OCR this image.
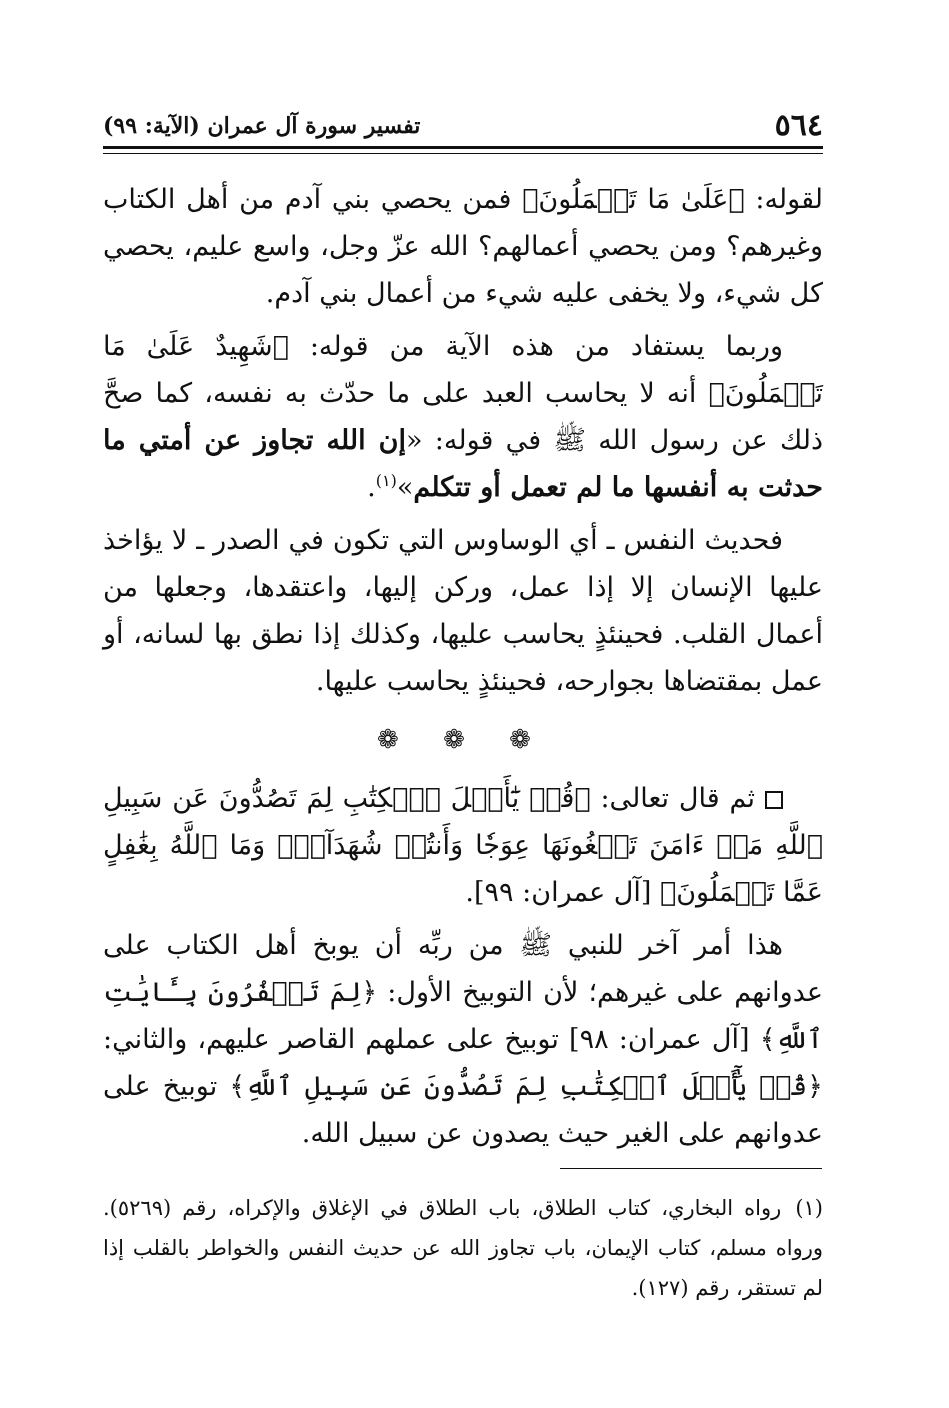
٥٦٤
تفسير سورة آل عمران (الآية: ٩٩)

لقوله: ﴿عَلَىٰ مَا تَعۡمَلُونَ﴾ فمن يحصي بني آدم من أهل الكتاب وغيرهم؟ ومن يحصي أعمالهم؟ الله عزّ وجل، واسع عليم، يحصي كل شيء، ولا يخفى عليه شيء من أعمال بني آدم.

وربما يستفاد من هذه الآية من قوله: ﴿شَهِيدٌ عَلَىٰ مَا تَعۡمَلُونَ﴾ أنه لا يحاسب العبد على ما حدّث به نفسه، كما صحَّ ذلك عن رسول الله ﷺ في قوله: «إن الله تجاوز عن أمتي ما حدثت به أنفسها ما لم تعمل أو تتكلم»$^{(١)}$.

فحديث النفس ـ أي الوساوس التي تكون في الصدر ـ لا يؤاخذ عليها الإنسان إلا إذا عمل، وركن إليها، واعتقدها، وجعلها من أعمال القلب. فحينئذٍ يحاسب عليها، وكذلك إذا نطق بها لسانه، أو عمل بمقتضاها بجوارحه، فحينئذٍ يحاسب عليها.

❁ ❁ ❁

ثم قال تعالى: ﴿قُلۡ يَٰٓأَهۡلَ ٱلۡكِتَٰبِ لِمَ تَصُدُّونَ عَن سَبِيلِ ٱللَّهِ مَنۡ ءَامَنَ تَبۡغُونَهَا عِوَجٗا وَأَنتُمۡ شُهَدَآءُۗ وَمَا ٱللَّهُ بِغَٰفِلٍ عَمَّا تَعۡمَلُونَ﴾ [آل عمران: ٩٩].

هذا أمر آخر للنبي ﷺ من ربِّه أن يوبخ أهل الكتاب على عدوانهم على غيرهم؛ لأن التوبيخ الأول: ﴿لِمَ تَكۡفُرُونَ بِـَٔايَٰتِ ٱللَّهِ﴾ [آل عمران: ٩٨] توبيخ على عملهم القاصر عليهم، والثاني: ﴿قُلۡ يَٰٓأَهۡلَ ٱلۡكِتَٰبِ لِمَ تَصُدُّونَ عَن سَبِيلِ ٱللَّهِ﴾ توبيخ على عدوانهم على الغير حيث يصدون عن سبيل الله.

(١)رواه البخاري، كتاب الطلاق، باب الطلاق في الإغلاق والإكراه، رقم (٥٢٦٩). ورواه مسلم، كتاب الإيمان، باب تجاوز الله عن حديث النفس والخواطر بالقلب إذا لم تستقر، رقم (١٢٧).
